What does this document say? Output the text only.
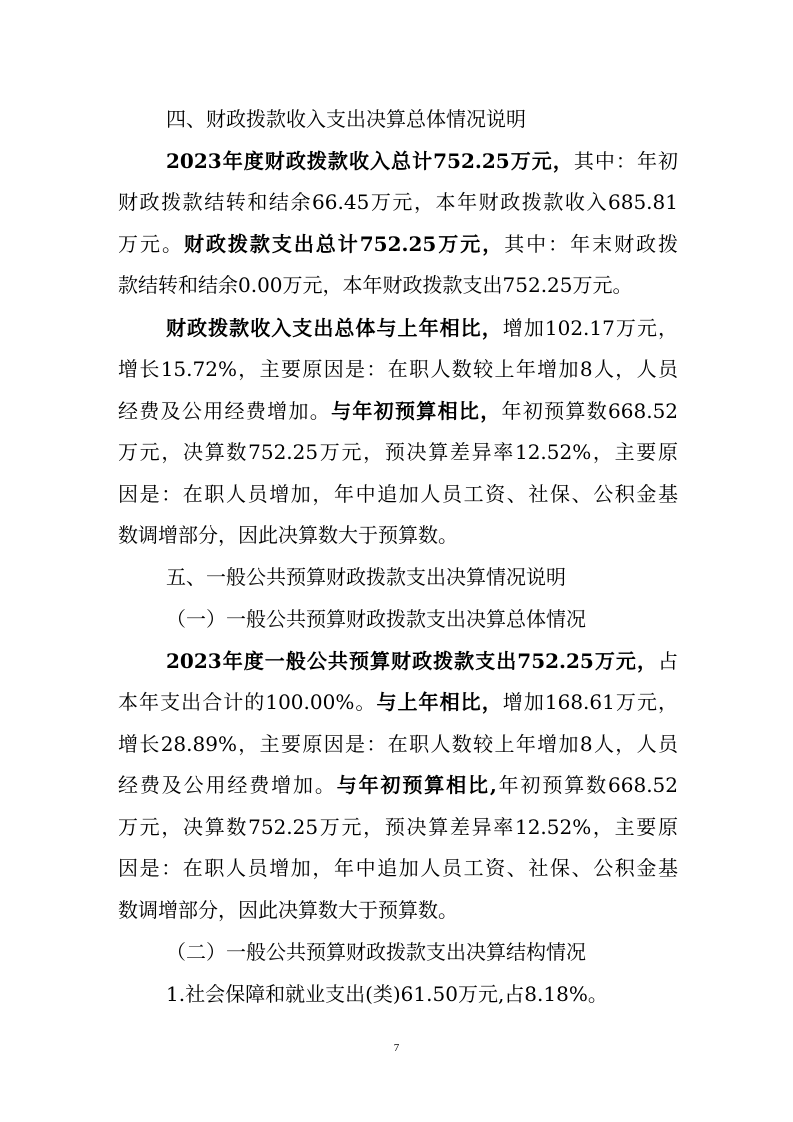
四、财政拨款收入支出决算总体情况说明
2023年度财政拨款收入总计752.25万元，其中：年初
财政拨款结转和结余66.45万元，本年财政拨款收入685.81
万元。财政拨款支出总计752.25万元，其中：年末财政拨
款结转和结余0.00万元，本年财政拨款支出752.25万元。
财政拨款收入支出总体与上年相比，增加102.17万元，
增长15.72%，主要原因是：在职人数较上年增加8人，人员
经费及公用经费增加。与年初预算相比，年初预算数668.52
万元，决算数752.25万元，预决算差异率12.52%，主要原
因是：在职人员增加，年中追加人员工资、社保、公积金基
数调增部分，因此决算数大于预算数。
五、一般公共预算财政拨款支出决算情况说明
（一）一般公共预算财政拨款支出决算总体情况
2023年度一般公共预算财政拨款支出752.25万元，占
本年支出合计的100.00%。与上年相比，增加168.61万元，
增长28.89%，主要原因是：在职人数较上年增加8人，人员
经费及公用经费增加。与年初预算相比,年初预算数668.52
万元，决算数752.25万元，预决算差异率12.52%，主要原
因是：在职人员增加，年中追加人员工资、社保、公积金基
数调增部分，因此决算数大于预算数。
（二）一般公共预算财政拨款支出决算结构情况
1.社会保障和就业支出(类)61.50万元,占8.18%。
7
